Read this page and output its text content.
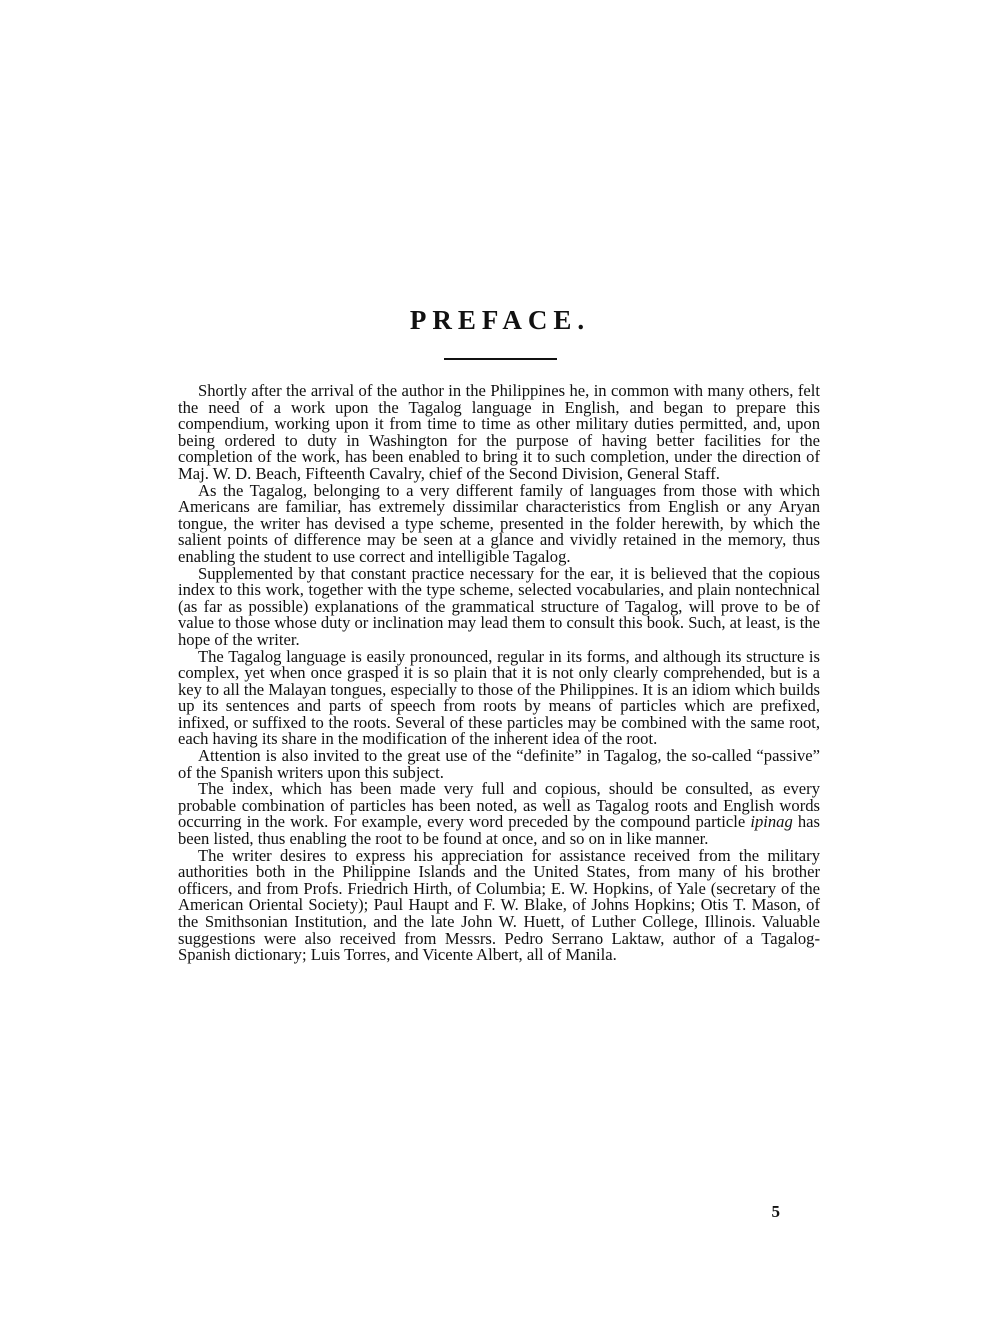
PREFACE.

Shortly after the arrival of the author in the Philippines he, in common with many others, felt the need of a work upon the Tagalog language in English, and began to prepare this compendium, working upon it from time to time as other military duties permitted, and, upon being ordered to duty in Washington for the purpose of having better facilities for the completion of the work, has been enabled to bring it to such completion, under the direction of Maj. W. D. Beach, Fifteenth Cavalry, chief of the Second Division, General Staff.

As the Tagalog, belonging to a very different family of languages from those with which Americans are familiar, has extremely dissimilar characteristics from English or any Aryan tongue, the writer has devised a type scheme, presented in the folder herewith, by which the salient points of difference may be seen at a glance and vividly retained in the memory, thus enabling the student to use correct and intelligible Tagalog.

Supplemented by that constant practice necessary for the ear, it is believed that the copious index to this work, together with the type scheme, selected vocabularies, and plain nontechnical (as far as possible) explanations of the grammatical structure of Tagalog, will prove to be of value to those whose duty or inclination may lead them to consult this book. Such, at least, is the hope of the writer.

The Tagalog language is easily pronounced, regular in its forms, and although its structure is complex, yet when once grasped it is so plain that it is not only clearly comprehended, but is a key to all the Malayan tongues, especially to those of the Philippines. It is an idiom which builds up its sentences and parts of speech from roots by means of particles which are prefixed, infixed, or suffixed to the roots. Several of these particles may be combined with the same root, each having its share in the modification of the inherent idea of the root.

Attention is also invited to the great use of the “definite” in Tagalog, the so-called “passive” of the Spanish writers upon this subject.

The index, which has been made very full and copious, should be consulted, as every probable combination of particles has been noted, as well as Tagalog roots and English words occurring in the work. For example, every word preceded by the compound particle ipinag has been listed, thus enabling the root to be found at once, and so on in like manner.

The writer desires to express his appreciation for assistance received from the military authorities both in the Philippine Islands and the United States, from many of his brother officers, and from Profs. Friedrich Hirth, of Columbia; E. W. Hopkins, of Yale (secretary of the American Oriental Society); Paul Haupt and F. W. Blake, of Johns Hopkins; Otis T. Mason, of the Smithsonian Institution, and the late John W. Huett, of Luther College, Illinois. Valuable suggestions were also received from Messrs. Pedro Serrano Laktaw, author of a Tagalog-Spanish dictionary; Luis Torres, and Vicente Albert, all of Manila.

5
